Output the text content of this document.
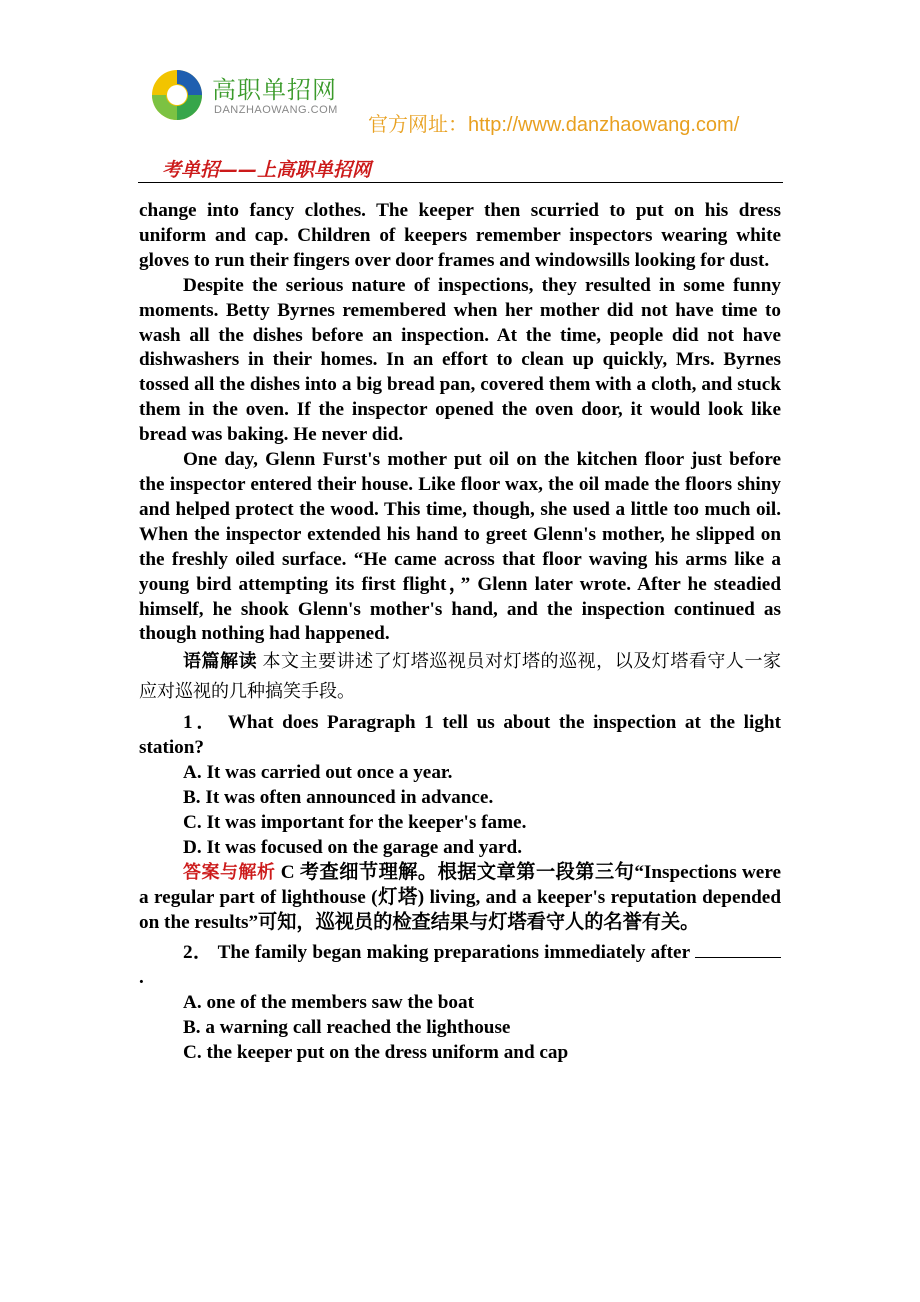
高职单招网
DANZHAOWANG.COM
官方网址：http://www.danzhaowang.com/
考单招——上高职单招网

change into fancy clothes. The keeper then scurried to put on his dress uniform and cap. Children of keepers remember inspectors wearing white gloves to run their fingers over door frames and windowsills looking for dust.

Despite the serious nature of inspections, they resulted in some funny moments. Betty Byrnes remembered when her mother did not have time to wash all the dishes before an inspection. At the time, people did not have dishwashers in their homes. In an effort to clean up quickly, Mrs. Byrnes tossed all the dishes into a big bread pan, covered them with a cloth, and stuck them in the oven. If the inspector opened the oven door, it would look like bread was baking. He never did.

One day, Glenn Furst's mother put oil on the kitchen floor just before the inspector entered their house. Like floor wax, the oil made the floors shiny and helped protect the wood. This time, though, she used a little too much oil. When the inspector extended his hand to greet Glenn's mother, he slipped on the freshly oiled surface. “He came across that floor waving his arms like a young bird attempting its first flight，” Glenn later wrote. After he steadied himself, he shook Glenn's mother's hand, and the inspection continued as though nothing had happened.

语篇解读 本文主要讲述了灯塔巡视员对灯塔的巡视，以及灯塔看守人一家应对巡视的几种搞笑手段。

1． What does Paragraph 1 tell us about the inspection at the light station?

A. It was carried out once a year.

B. It was often announced in advance.

C. It was important for the keeper's fame.

D. It was focused on the garage and yard.

答案与解析 C 考查细节理解。根据文章第一段第三句“Inspections were a regular part of lighthouse (灯塔) living, and a keeper's reputation depended on the results”可知，巡视员的检查结果与灯塔看守人的名誉有关。

2． The family began making preparations immediately after .

A. one of the members saw the boat

B. a warning call reached the lighthouse

C. the keeper put on the dress uniform and cap
